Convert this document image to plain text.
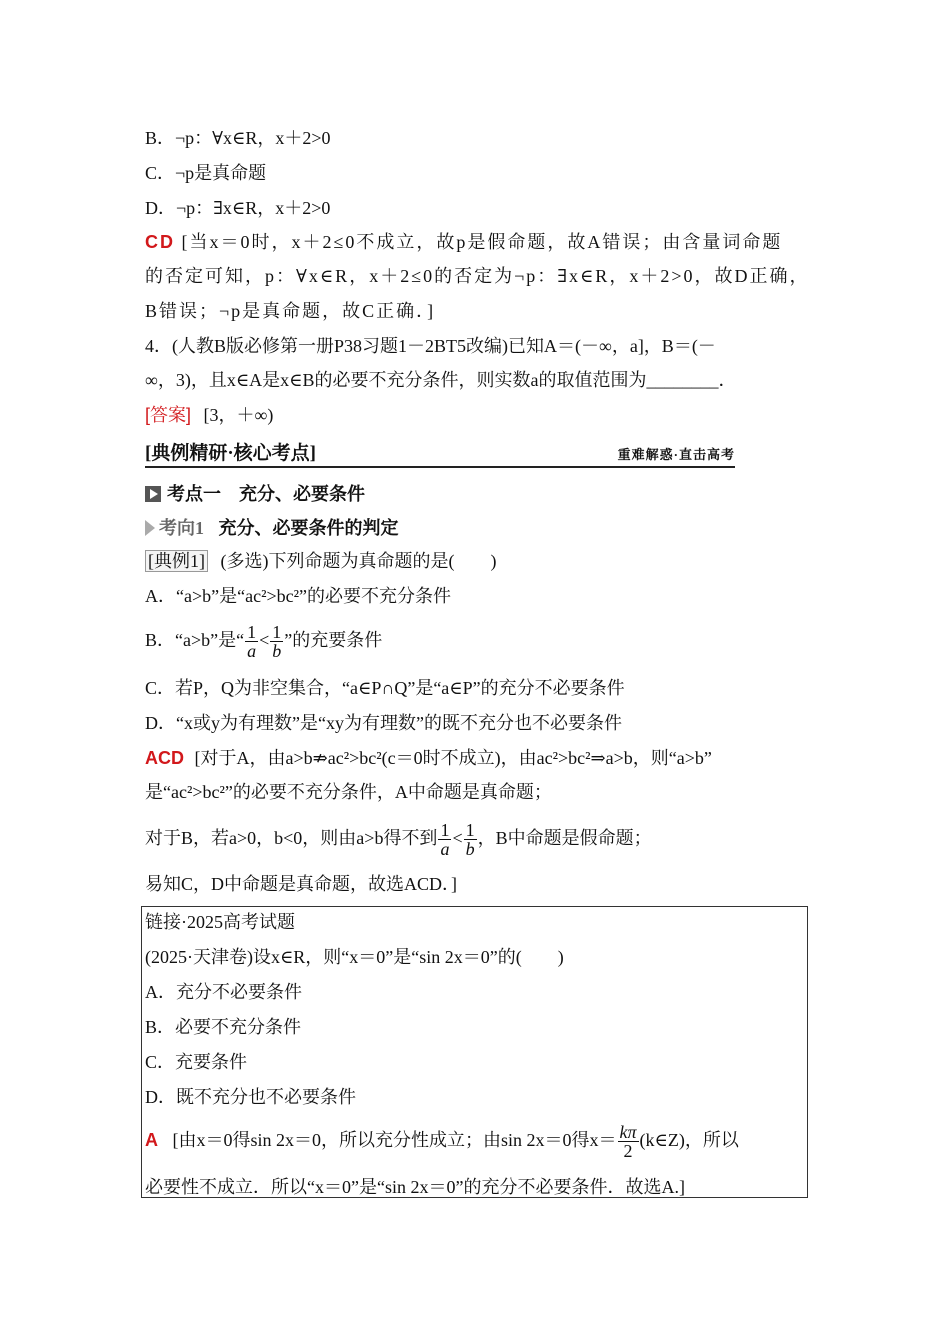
B．¬p：∀x∈R，x＋2>0
C．¬p是真命题
D．¬p：∃x∈R，x＋2>0
CD [当x＝0时，x＋2≤0不成立，故p是假命题，故A错误；由含量词命题
的否定可知，p：∀x∈R，x＋2≤0的否定为¬p：∃x∈R，x＋2>0，故D正确，
B错误；¬p是真命题，故C正确．]
4．(人教B版必修第一册P38习题1－2BT5改编)已知A＝(－∞，a]，B＝(－
∞，3)，且x∈A是x∈B的必要不充分条件，则实数a的取值范围为________．
[答案] [3，＋∞)
[典例精研·核心考点]	重难解惑·直击高考
考点一　充分、必要条件
考向1 充分、必要条件的判定
[典例1] (多选)下列命题为真命题的是(　　)
A．“a>b”是“ac²>bc²”的必要不充分条件
B．“a>b”是“ $\frac{1}{a} < \frac{1}{b}$ ”的充要条件
C．若P，Q为非空集合，“a∈P∩Q”是“a∈P”的充分不必要条件
D．“x或y为有理数”是“xy为有理数”的既不充分也不必要条件
ACD [对于A，由a>b⇏ac²>bc²(c＝0时不成立)，由ac²>bc²⇒a>b，则“a>b”
是“ac²>bc²”的必要不充分条件，A中命题是真命题；
对于B，若a>0，b<0，则由a>b得不到 $\frac{1}{a} < \frac{1}{b}$ ，B中命题是假命题；
易知C，D中命题是真命题，故选ACD．]
链接·2025高考试题
(2025·天津卷)设x∈R，则“x＝0”是“sin 2x＝0”的(　　)
A．充分不必要条件
B．必要不充分条件
C．充要条件
D．既不充分也不必要条件
A [由x＝0得sin 2x＝0，所以充分性成立；由sin 2x＝0得$x= \frac{k\pi}{2}$ (k∈Z)，所以
必要性不成立．所以“x＝0”是“sin 2x＝0”的充分不必要条件．故选A.]
